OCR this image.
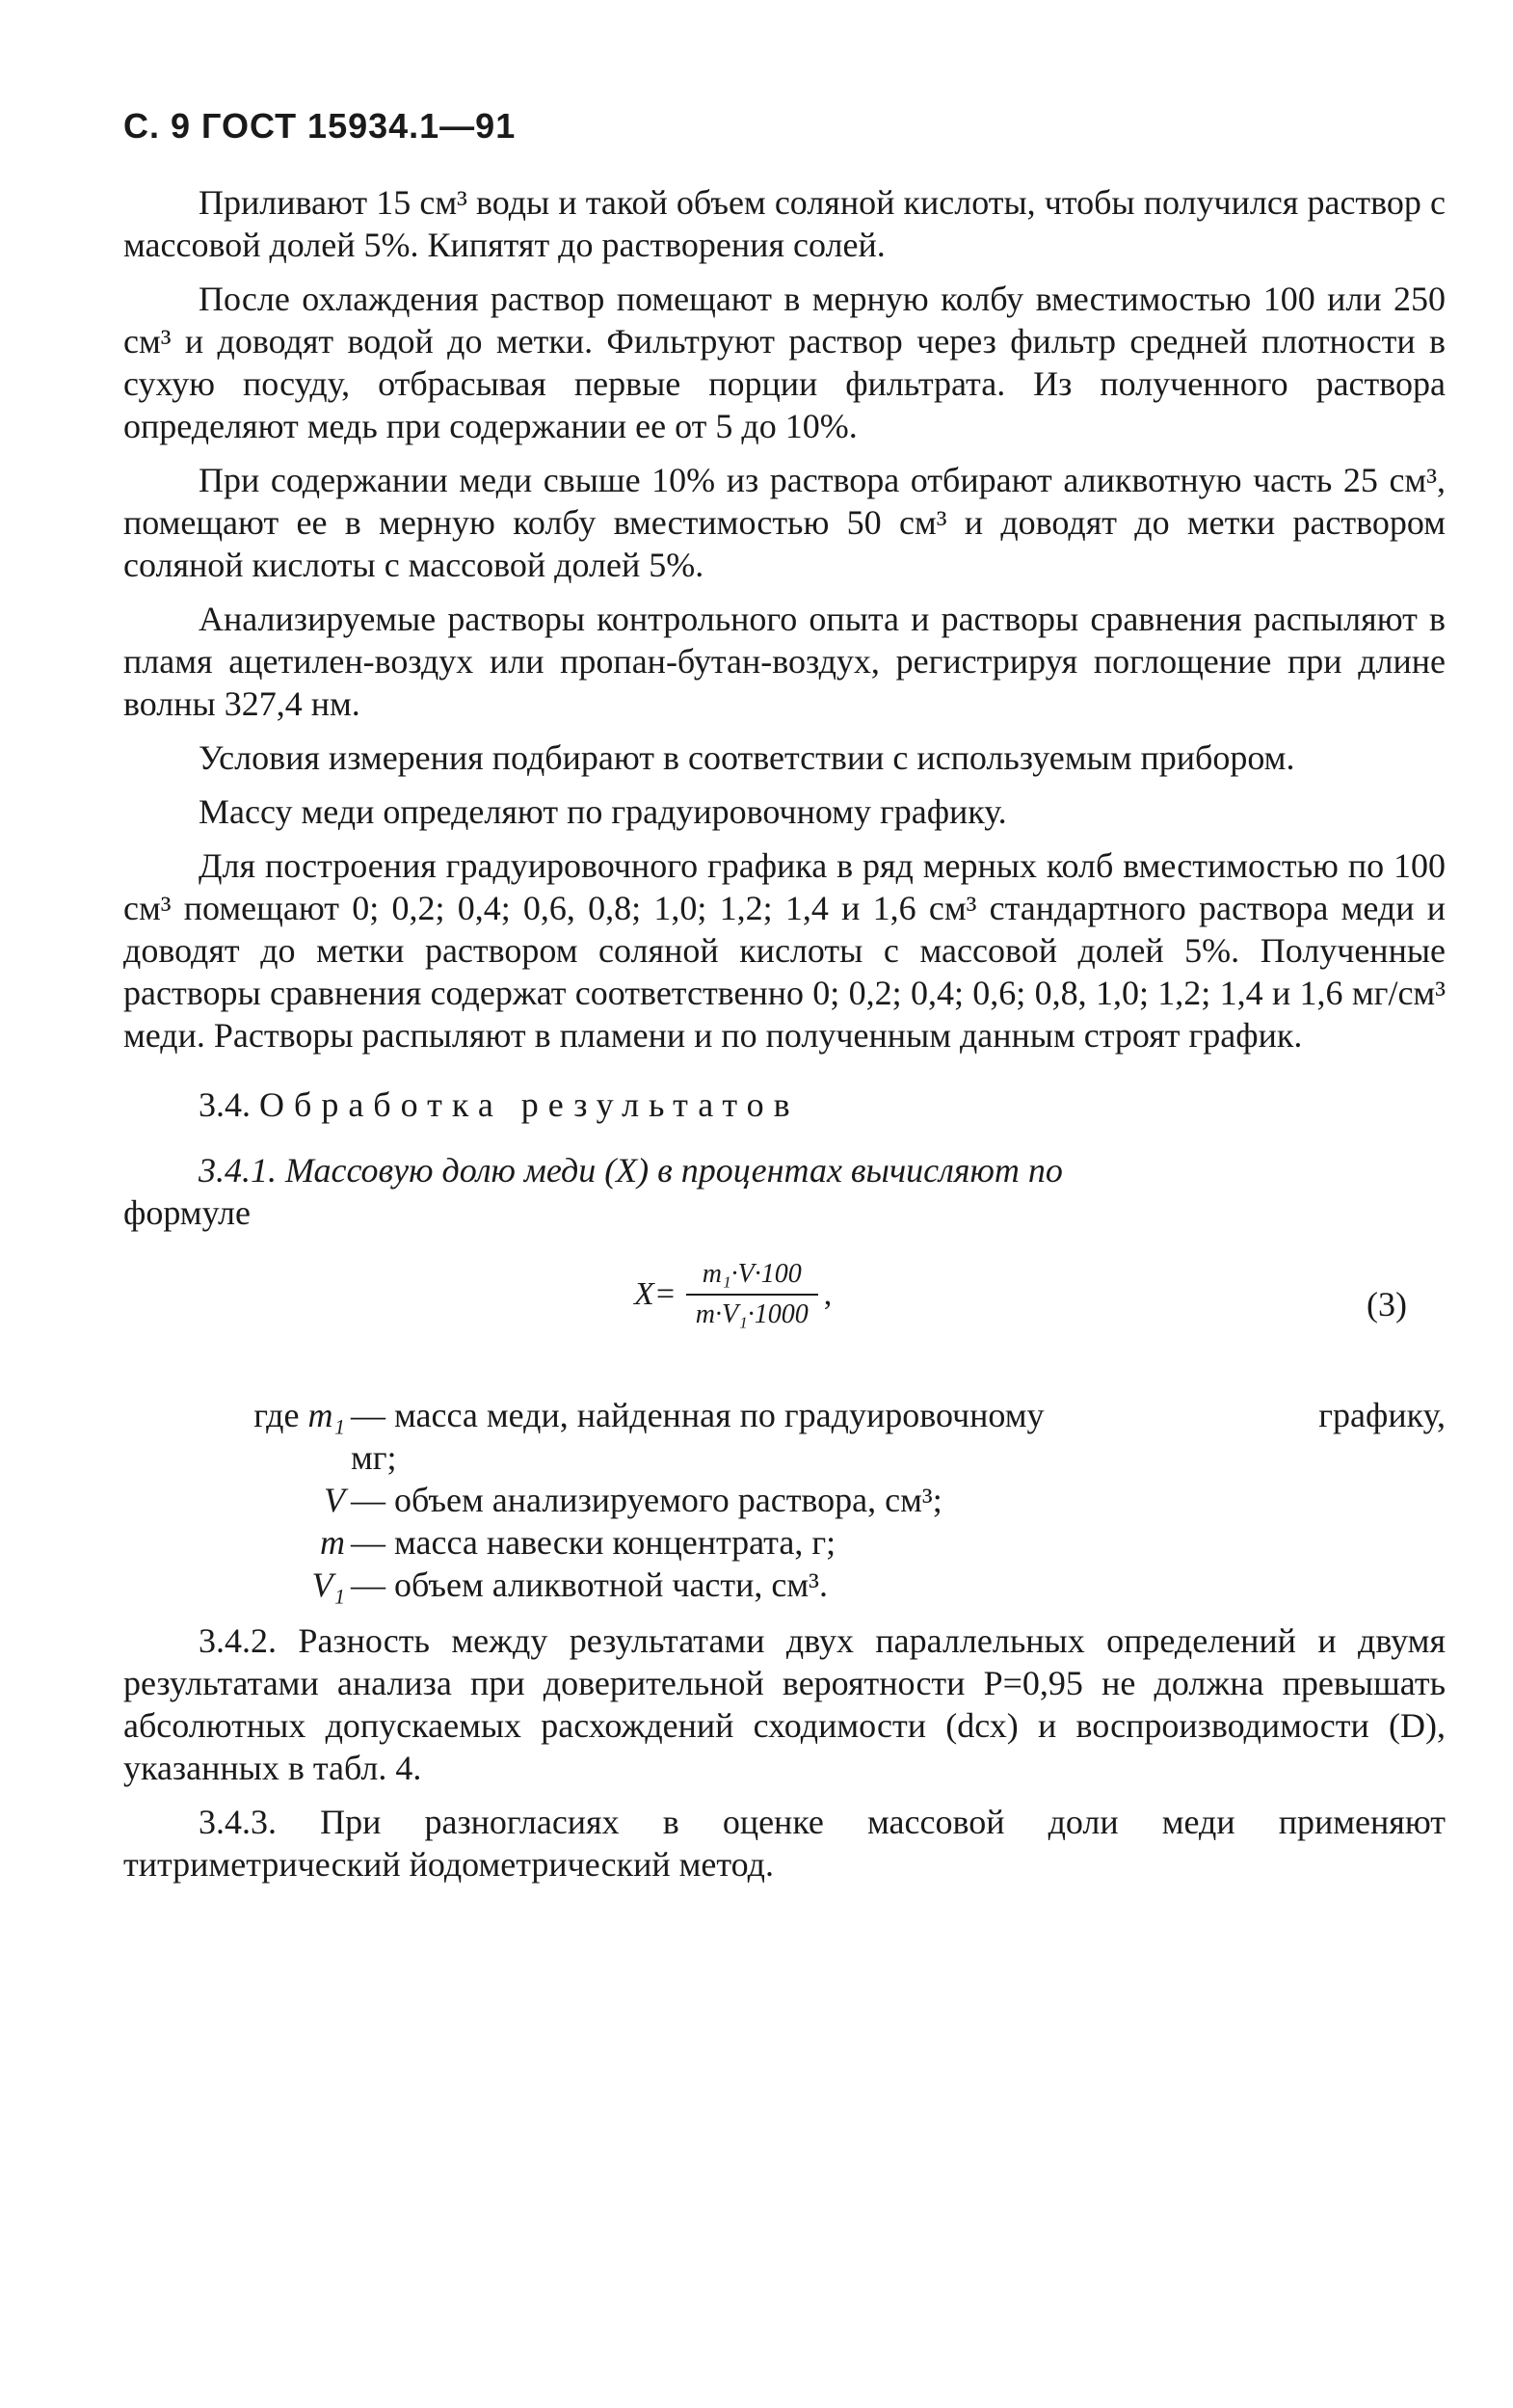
С. 9 ГОСТ 15934.1—91

Приливают 15 см³ воды и такой объем соляной кислоты, чтобы получился раствор с массовой долей 5%. Кипятят до растворения солей.

После охлаждения раствор помещают в мерную колбу вместимостью 100 или 250 см³ и доводят водой до метки. Фильтруют раствор через фильтр средней плотности в сухую посуду, отбрасывая первые порции фильтрата. Из полученного раствора определяют медь при содержании ее от 5 до 10%.

При содержании меди свыше 10% из раствора отбирают аликвотную часть 25 см³, помещают ее в мерную колбу вместимостью 50 см³ и доводят до метки раствором соляной кислоты с массовой долей 5%.

Анализируемые растворы контрольного опыта и растворы сравнения распыляют в пламя ацетилен-воздух или пропан-бутан-воздух, регистрируя поглощение при длине волны 327,4 нм.

Условия измерения подбирают в соответствии с используемым прибором.

Массу меди определяют по градуировочному графику.

Для построения градуировочного графика в ряд мерных колб вместимостью по 100 см³ помещают 0; 0,2; 0,4; 0,6, 0,8; 1,0; 1,2; 1,4 и 1,6 см³ стандартного раствора меди и доводят до метки раствором соляной кислоты с массовой долей 5%. Полученные растворы сравнения содержат соответственно 0; 0,2; 0,4; 0,6; 0,8, 1,0; 1,2; 1,4 и 1,6 мг/см³ меди. Растворы распыляют в пламени и по полученным данным строят график.

3.4. Обработка результатов

3.4.1. Массовую долю меди (X) в процентах вычисляют по

формуле

$X= \frac{\text{m₁·V·100}}{\text{m·V₁·1000}}$ ,	(3)
где m₁ — масса меди, найденная по градуировочному	графику,
мг;
V — объем анализируемого раствора, см³;
m — масса навески концентрата, г;
V₁ — объем аликвотной части, см³.

3.4.2. Разность между результатами двух параллельных определений и двумя результатами анализа при доверительной вероятности P=0,95 не должна превышать абсолютных допускаемых расхождений сходимости (dсх) и воспроизводимости (D), указанных в табл. 4.

3.4.3. При разногласиях в оценке массовой доли меди применяют титриметрический йодометрический метод.
